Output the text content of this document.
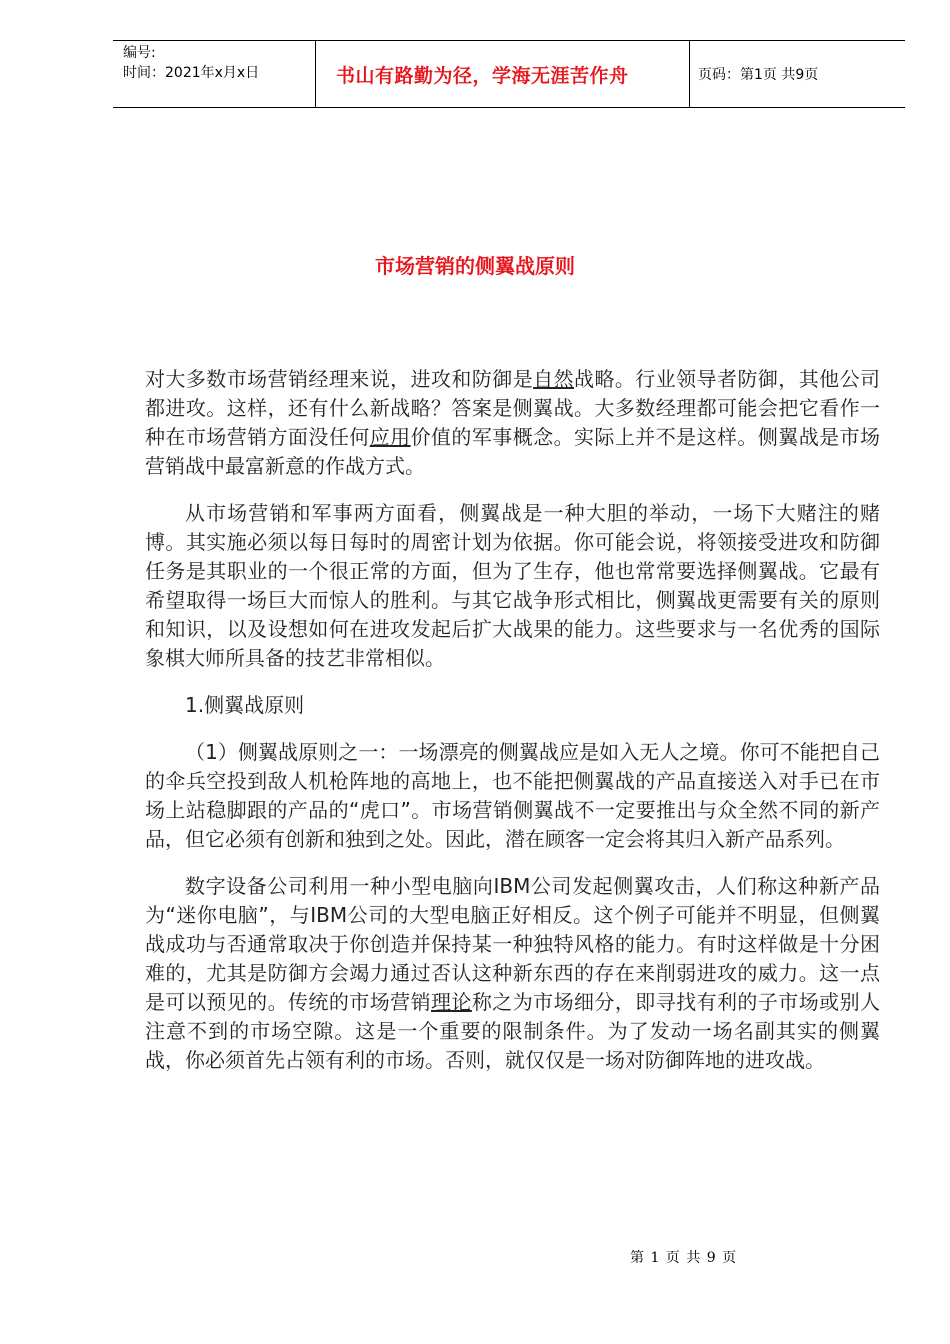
编号:
时间：2021年x月x日	书山有路勤为径，学海无涯苦作舟	页码：第1页 共9页
市场营销的侧翼战原则

对大多数市场营销经理来说，进攻和防御是自然战略。行业领导者防御，其他公司都进攻。这样，还有什么新战略？答案是侧翼战。大多数经理都可能会把它看作一种在市场营销方面没任何应用价值的军事概念。实际上并不是这样。侧翼战是市场营销战中最富新意的作战方式。

从市场营销和军事两方面看，侧翼战是一种大胆的举动，一场下大赌注的赌博。其实施必须以每日每时的周密计划为依据。你可能会说，将领接受进攻和防御任务是其职业的一个很正常的方面，但为了生存，他也常常要选择侧翼战。它最有希望取得一场巨大而惊人的胜利。与其它战争形式相比，侧翼战更需要有关的原则和知识，以及设想如何在进攻发起后扩大战果的能力。这些要求与一名优秀的国际象棋大师所具备的技艺非常相似。

1.侧翼战原则

（1）侧翼战原则之一：一场漂亮的侧翼战应是如入无人之境。你可不能把自己的伞兵空投到敌人机枪阵地的高地上，也不能把侧翼战的产品直接送入对手已在市场上站稳脚跟的产品的“虎口”。市场营销侧翼战不一定要推出与众全然不同的新产品，但它必须有创新和独到之处。因此，潜在顾客一定会将其归入新产品系列。

数字设备公司利用一种小型电脑向IBM公司发起侧翼攻击，人们称这种新产品为“迷你电脑”，与IBM公司的大型电脑正好相反。这个例子可能并不明显，但侧翼战成功与否通常取决于你创造并保持某一种独特风格的能力。有时这样做是十分困难的，尤其是防御方会竭力通过否认这种新东西的存在来削弱进攻的威力。这一点是可以预见的。传统的市场营销理论称之为市场细分，即寻找有利的子市场或别人注意不到的市场空隙。这是一个重要的限制条件。为了发动一场名副其实的侧翼战，你必须首先占领有利的市场。否则，就仅仅是一场对防御阵地的进攻战。

第 1 页 共 9 页
